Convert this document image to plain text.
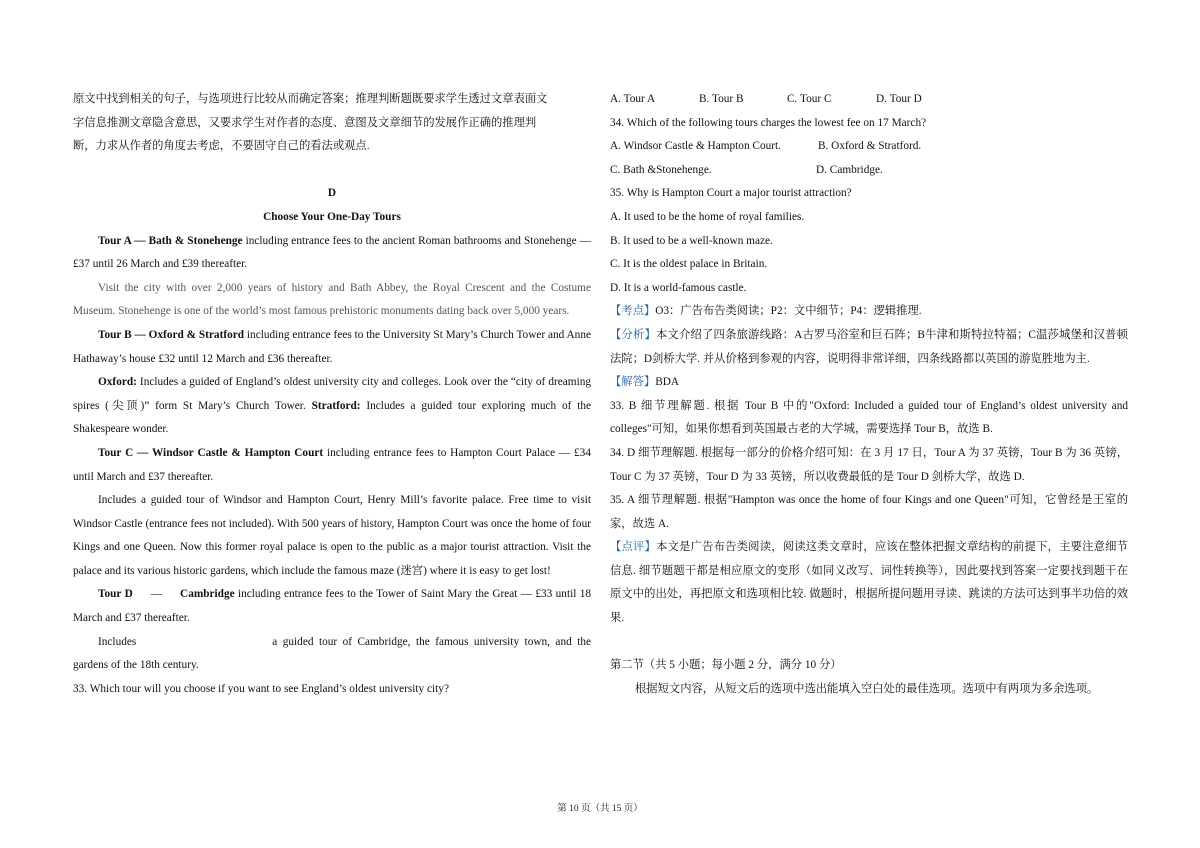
原文中找到相关的句子，与选项进行比较从而确定答案；推理判断题既要求学生透过文章表面文

字信息推测文章隐含意思，又要求学生对作者的态度、意图及文章细节的发展作正确的推理判

断，力求从作者的角度去考虑，不要固守自己的看法或观点.

D

Choose Your One-Day Tours

Tour A — Bath & Stonehenge including entrance fees to the ancient Roman bathrooms and Stonehenge — £37 until 26 March and £39 thereafter.

Visit the city with over 2,000 years of history and Bath Abbey, the Royal Crescent and the Costume Museum. Stonehenge is one of the world’s most famous prehistoric monuments dating back over 5,000 years.

Tour B — Oxford & Stratford including entrance fees to the University St Mary’s Church Tower and Anne Hathaway’s house £32 until 12 March and £36 thereafter.

Oxford: Includes a guided of England’s oldest university city and colleges. Look over the “city of dreaming spires (尖顶)” form St Mary’s Church Tower. Stratford: Includes a guided tour exploring much of the Shakespeare wonder.

Tour C — Windsor Castle & Hampton Court including entrance fees to Hampton Court Palace — £34 until March and £37 thereafter.

Includes a guided tour of Windsor and Hampton Court, Henry Mill’s favorite palace. Free time to visit Windsor Castle (entrance fees not included). With 500 years of history, Hampton Court was once the home of four Kings and one Queen. Now this former royal palace is open to the public as a major tourist attraction. Visit the palace and its various historic gardens, which include the famous maze (迷宫) where it is easy to get lost!

Tour D — Cambridge including entrance fees to the Tower of Saint Mary the Great — £33 until 18 March and £37 thereafter.

Includes	a guided tour of Cambridge, the famous university town, and the gardens of the 18th century.

33. Which tour will you choose if you want to see England’s oldest university city?

A. Tour A	B. Tour B	C. Tour C	D. Tour D

34. Which of the following tours charges the lowest fee on 17 March?

A. Windsor Castle & Hampton Court.	B. Oxford & Stratford.

C. Bath &Stonehenge.	D. Cambridge.

35. Why is Hampton Court a major tourist attraction?

A. It used to be the home of royal families.

B. It used to be a well-known maze.

C. It is the oldest palace in Britain.

D. It is a world-famous castle.

【考点】O3：广告布告类阅读；P2：文中细节；P4：逻辑推理.

【分析】本文介绍了四条旅游线路：A古罗马浴室和巨石阵；B牛津和斯特拉特福；C温莎城堡和汉普顿法院；D剑桥大学. 并从价格到参观的内容，说明得非常详细，四条线路都以英国的游览胜地为主.

【解答】BDA

33. B 细节理解题. 根据 Tour B 中的"Oxford: Included a guided tour of England’s oldest university and colleges"可知，如果你想看到英国最古老的大学城，需要选择 Tour B，故选 B.

34. D 细节理解题. 根据每一部分的价格介绍可知：在 3 月 17 日，Tour A 为 37 英镑，Tour B 为 36 英镑，Tour C 为 37 英镑，Tour D 为 33 英镑，所以收费最低的是 Tour D 剑桥大学，故选 D.

35. A 细节理解题. 根据"Hampton was once the home of four Kings and one Queen"可知，它曾经是王室的家，故选 A.

【点评】本文是广告布告类阅读，阅读这类文章时，应该在整体把握文章结构的前提下，主要注意细节信息. 细节题题干都是相应原文的变形（如同义改写、词性转换等），因此要找到答案一定要找到题干在原文中的出处，再把原文和选项相比较. 做题时，根据所提问题用寻读、跳读的方法可达到事半功倍的效果.

第二节（共 5 小题；每小题 2 分，满分 10 分）

根据短文内容，从短文后的选项中选出能填入空白处的最佳选项。选项中有两项为多余选项。

第 10 页（共 15 页）
